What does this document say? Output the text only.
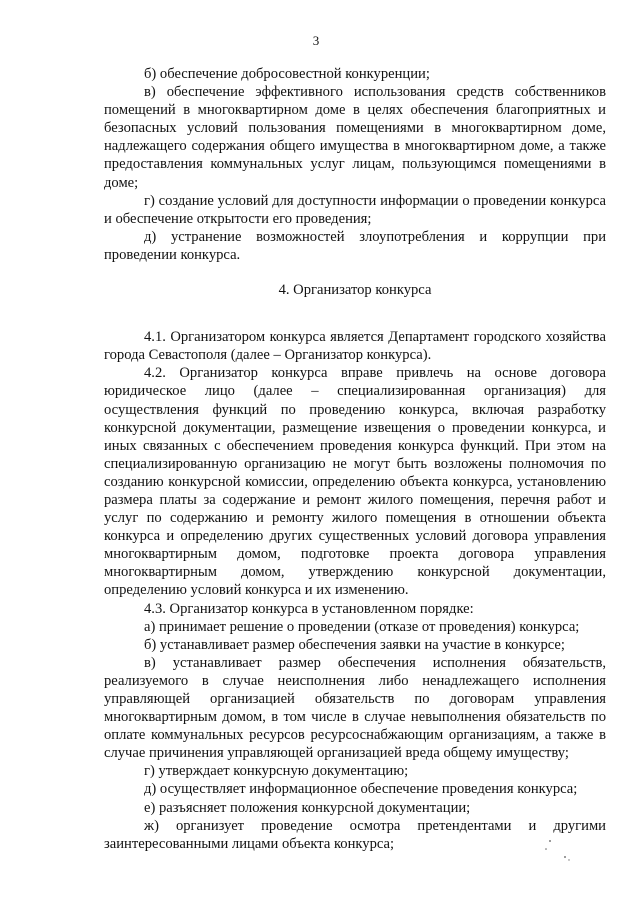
3

б) обеспечение добросовестной конкуренции;

в) обеспечение эффективного использования средств собственников помещений в многоквартирном доме в целях обеспечения благоприятных и безопасных условий пользования помещениями в многоквартирном доме, надлежащего содержания общего имущества в многоквартирном доме, а также предоставления коммунальных услуг лицам, пользующимся помещениями в доме;

г) создание условий для доступности информации о проведении конкурса и обеспечение открытости его проведения;

д) устранение возможностей злоупотребления и коррупции при проведении конкурса.

4. Организатор конкурса

4.1. Организатором конкурса является Департамент городского хозяйства города Севастополя (далее – Организатор конкурса).

4.2. Организатор конкурса вправе привлечь на основе договора юридическое лицо (далее – специализированная организация) для осуществления функций по проведению конкурса, включая разработку конкурсной документации, размещение извещения о проведении конкурса, и иных связанных с обеспечением проведения конкурса функций. При этом на специализированную организацию не могут быть возложены полномочия по созданию конкурсной комиссии, определению объекта конкурса, установлению размера платы за содержание и ремонт жилого помещения, перечня работ и услуг по содержанию и ремонту жилого помещения в отношении объекта конкурса и определению других существенных условий договора управления многоквартирным домом, подготовке проекта договора управления многоквартирным домом, утверждению конкурсной документации, определению условий конкурса и их изменению.

4.3. Организатор конкурса в установленном порядке:

а) принимает решение о проведении (отказе от проведения) конкурса;

б) устанавливает размер обеспечения заявки на участие в конкурсе;

в) устанавливает размер обеспечения исполнения обязательств, реализуемого в случае неисполнения либо ненадлежащего исполнения управляющей организацией обязательств по договорам управления многоквартирным домом, в том числе в случае невыполнения обязательств по оплате коммунальных ресурсов ресурсоснабжающим организациям, а также в случае причинения управляющей организацией вреда общему имуществу;

г) утверждает конкурсную документацию;

д) осуществляет информационное обеспечение проведения конкурса;

е) разъясняет положения конкурсной документации;

ж) организует проведение осмотра претендентами и другими заинтересованными лицами объекта конкурса;
